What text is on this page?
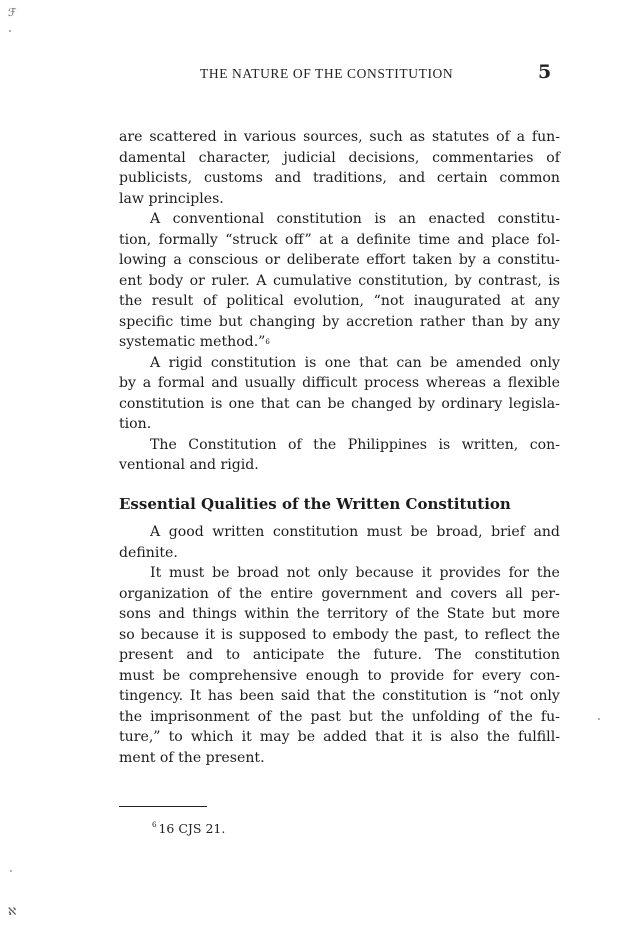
ℱ
THE NATURE OF THE CONSTITUTION	5
are scattered in various sources, such as statutes of a fun-
damental character, judicial decisions, commentaries of
publicists, customs and traditions, and certain common
law principles.
A conventional constitution is an enacted constitu-
tion, formally “struck off” at a definite time and place fol-
lowing a conscious or deliberate effort taken by a constitu-
ent body or ruler. A cumulative constitution, by contrast, is
the result of political evolution, “not inaugurated at any
specific time but changing by accretion rather than by any
systematic method.” 6
A rigid constitution is one that can be amended only
by a formal and usually difficult process whereas a flexible
constitution is one that can be changed by ordinary legisla-
tion.
The Constitution of the Philippines is written, con-
ventional and rigid.
Essential Qualities of the Written Constitution
A good written constitution must be broad, brief and
definite.
It must be broad not only because it provides for the
organization of the entire government and covers all per-
sons and things within the territory of the State but more
so because it is supposed to embody the past, to reflect the
present and to anticipate the future. The constitution
must be comprehensive enough to provide for every con-
tingency. It has been said that the constitution is “not only
the imprisonment of the past but the unfolding of the fu-
ture,” to which it may be added that it is also the fulfill-
ment of the present.
$^6$ 16 CJS 21.
ℵ
